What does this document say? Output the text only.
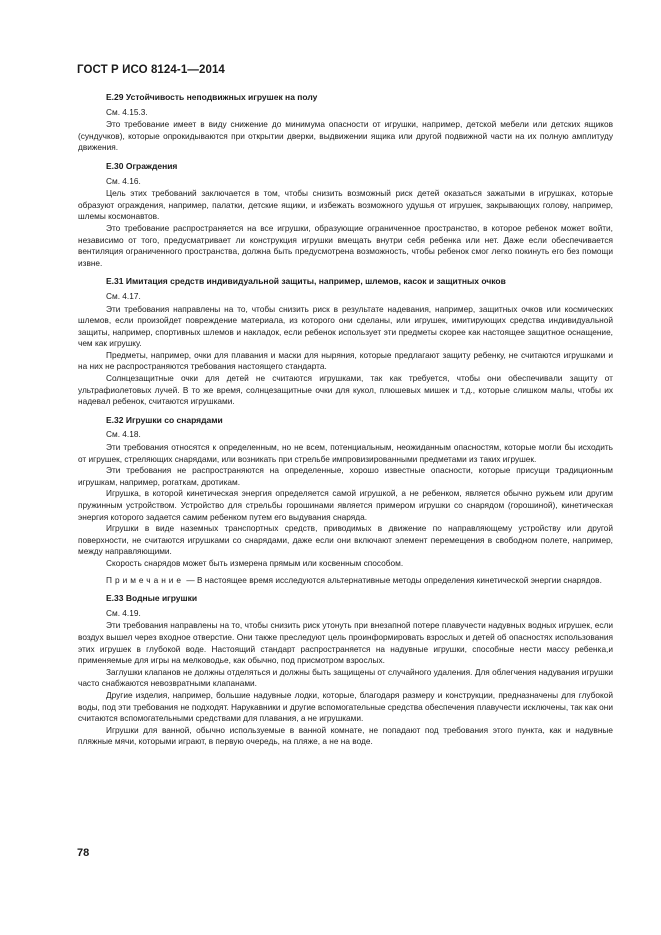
ГОСТ Р ИСО 8124-1—2014
Е.29 Устойчивость неподвижных игрушек на полу
См. 4.15.3.

Это требование имеет в виду снижение до минимума опасности от игрушки, например, детской мебели или детских ящиков (сундучков), которые опрокидываются при открытии дверки, выдвижении ящика или другой подвижной части на их полную амплитуду движения.

Е.30 Ограждения
См. 4.16.

Цель этих требований заключается в том, чтобы снизить возможный риск детей оказаться зажатыми в игрушках, которые образуют ограждения, например, палатки, детские ящики, и избежать возможного удушья от игрушек, закрывающих голову, например, шлемы космонавтов.

Это требование распространяется на все игрушки, образующие ограниченное пространство, в которое ребенок может войти, независимо от того, предусматривает ли конструкция игрушки вмещать внутри себя ребенка или нет. Даже если обеспечивается вентиляция ограниченного пространства, должна быть предусмотрена возможность, чтобы ребенок смог легко покинуть его без помощи извне.

Е.31 Имитация средств индивидуальной защиты, например, шлемов, касок и защитных очков
См. 4.17.

Эти требования направлены на то, чтобы снизить риск в результате надевания, например, защитных очков или космических шлемов, если произойдет повреждение материала, из которого они сделаны, или игрушек, имитирующих средства индивидуальной защиты, например, спортивных шлемов и накладок, если ребенок использует эти предметы скорее как настоящее защитное оснащение, чем как игрушку.

Предметы, например, очки для плавания и маски для ныряния, которые предлагают защиту ребенку, не считаются игрушками и на них не распространяются требования настоящего стандарта.

Солнцезащитные очки для детей не считаются игрушками, так как требуется, чтобы они обеспечивали защиту от ультрафиолетовых лучей. В то же время, солнцезащитные очки для кукол, плюшевых мишек и т.д., которые слишком малы, чтобы их надевал ребенок, считаются игрушками.

Е.32 Игрушки со снарядами
См. 4.18.

Эти требования относятся к определенным, но не всем, потенциальным, неожиданным опасностям, которые могли бы исходить от игрушек, стреляющих снарядами, или возникать при стрельбе импровизированными предметами из таких игрушек.

Эти требования не распространяются на определенные, хорошо известные опасности, которые присущи традиционным игрушкам, например, рогаткам, дротикам.

Игрушка, в которой кинетическая энергия определяется самой игрушкой, а не ребенком, является обычно ружьем или другим пружинным устройством. Устройство для стрельбы горошинами является примером игрушки со снарядом (горошиной), кинетическая энергия которого задается самим ребенком путем его выдувания снаряда.

Игрушки в виде наземных транспортных средств, приводимых в движение по направляющему устройству или другой поверхности, не считаются игрушками со снарядами, даже если они включают элемент перемещения в свободном полете, например, между направляющими.

Скорость снарядов может быть измерена прямым или косвенным способом.

Примечание — В настоящее время исследуются альтернативные методы определения кинетической энергии снарядов.

Е.33 Водные игрушки
См. 4.19.

Эти требования направлены на то, чтобы снизить риск утонуть при внезапной потере плавучести надувных водных игрушек, если воздух вышел через входное отверстие. Они также преследуют цель проинформировать взрослых и детей об опасностях использования этих игрушек в глубокой воде. Настоящий стандарт распространяется на надувные игрушки, способные нести массу ребенка,и применяемые для игры на мелководье, как обычно, под присмотром взрослых.

Заглушки клапанов не должны отделяться и должны быть защищены от случайного удаления. Для облегчения надувания игрушки часто снабжаются невозвратными клапанами.

Другие изделия, например, большие надувные лодки, которые, благодаря размеру и конструкции, предназначены для глубокой воды, под эти требования не подходят. Нарукавники и другие вспомогательные средства обеспечения плавучести исключены, так как они считаются вспомогательными средствами для плавания, а не игрушками.

Игрушки для ванной, обычно используемые в ванной комнате, не попадают под требования этого пункта, как и надувные пляжные мячи, которыми играют, в первую очередь, на пляже, а не на воде.

78
